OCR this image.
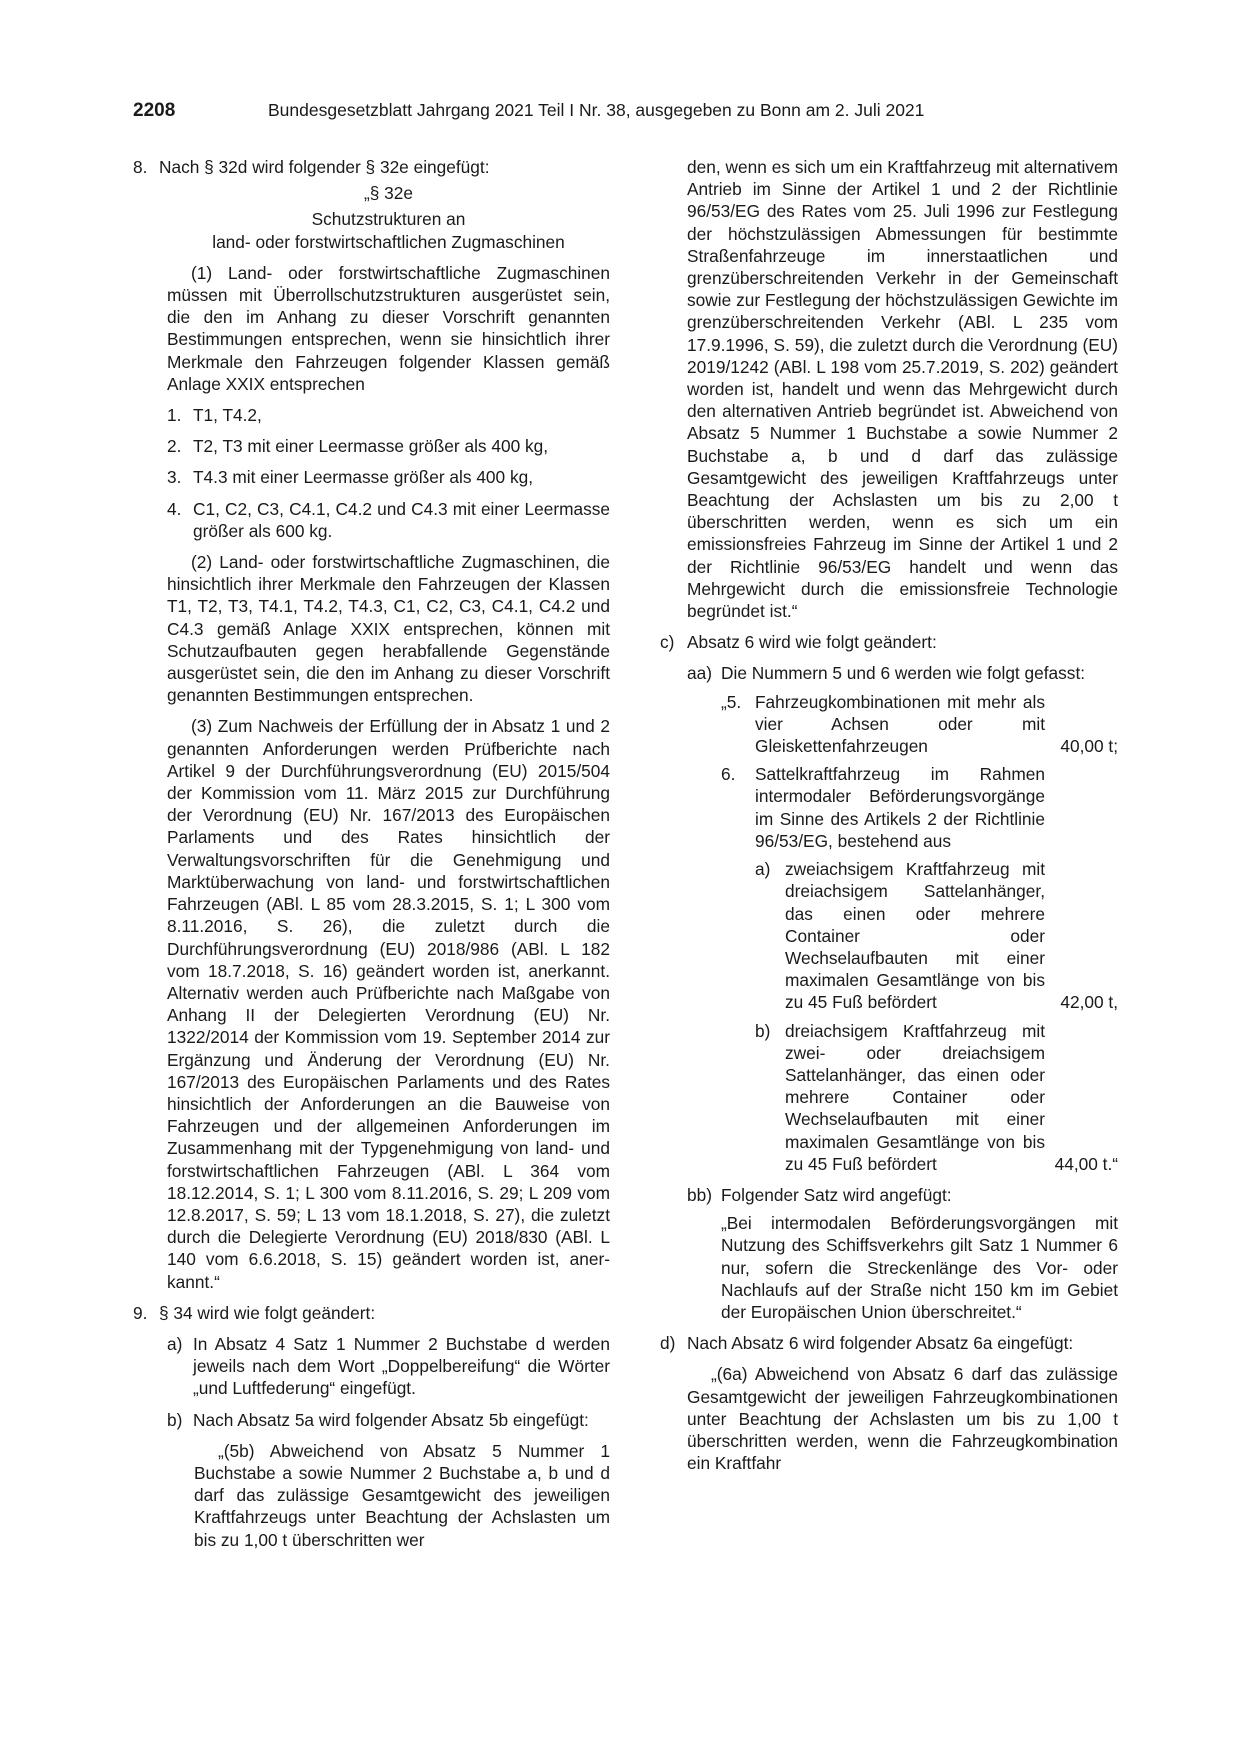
2208	Bundesgesetzblatt Jahrgang 2021 Teil I Nr. 38, ausgegeben zu Bonn am 2. Juli 2021
8. Nach § 32d wird folgender § 32e eingefügt:

„§ 32e

Schutzstrukturen an

land- oder forstwirtschaftlichen Zugmaschinen

(1) Land- oder forstwirtschaftliche Zugmaschinen müssen mit Überrollschutzstrukturen ausgerüstet sein, die den im Anhang zu dieser Vorschrift genannten Bestimmungen entsprechen, wenn sie hinsichtlich ihrer Merkmale den Fahrzeugen folgender Klassen gemäß Anlage XXIX entsprechen

1. T1, T4.2,
2. T2, T3 mit einer Leermasse größer als 400 kg,
3. T4.3 mit einer Leermasse größer als 400 kg,
4. C1, C2, C3, C4.1, C4.2 und C4.3 mit einer Leermasse größer als 600 kg.

(2) Land- oder forstwirtschaftliche Zugmaschinen, die hinsichtlich ihrer Merkmale den Fahrzeugen der Klassen T1, T2, T3, T4.1, T4.2, T4.3, C1, C2, C3, C4.1, C4.2 und C4.3 gemäß Anlage XXIX entsprechen, können mit Schutzaufbauten gegen herabfallende Gegenstände ausgerüstet sein, die den im Anhang zu dieser Vorschrift genannten Bestimmungen entsprechen.

(3) Zum Nachweis der Erfüllung der in Absatz 1 und 2 genannten Anforderungen werden Prüfberichte nach Artikel 9 der Durchführungsverordnung (EU) 2015/504 der Kommission vom 11. März 2015 zur Durchführung der Verordnung (EU) Nr. 167/2013 des Europäischen Parlaments und des Rates hinsichtlich der Verwaltungsvorschriften für die Genehmigung und Marktüberwachung von land- und forstwirtschaftlichen Fahrzeugen (ABl. L 85 vom 28.3.2015, S. 1; L 300 vom 8.11.2016, S. 26), die zuletzt durch die Durchführungsverordnung (EU) 2018/986 (ABl. L 182 vom 18.7.2018, S. 16) geändert worden ist, anerkannt. Alternativ werden auch Prüfberichte nach Maßgabe von Anhang II der Delegierten Verordnung (EU) Nr. 1322/2014 der Kommission vom 19. September 2014 zur Ergänzung und Änderung der Verordnung (EU) Nr. 167/2013 des Europäischen Parlaments und des Rates hinsichtlich der Anforderungen an die Bauweise von Fahrzeugen und der allgemeinen Anforderungen im Zusammenhang mit der Typgenehmigung von land- und forstwirtschaftlichen Fahrzeugen (ABl. L 364 vom 18.12.2014, S. 1; L 300 vom 8.11.2016, S. 29; L 209 vom 12.8.2017, S. 59; L 13 vom 18.1.2018, S. 27), die zuletzt durch die Delegierte Verordnung (EU) 2018/830 (ABl. L 140 vom 6.6.2018, S. 15) geändert worden ist, anerkannt.“

9. § 34 wird wie folgt geändert:
a) In Absatz 4 Satz 1 Nummer 2 Buchstabe d werden jeweils nach dem Wort „Doppelbereifung“ die Wörter „und Luftfederung“ eingefügt.
b) Nach Absatz 5a wird folgender Absatz 5b eingefügt:

„(5b) Abweichend von Absatz 5 Nummer 1 Buchstabe a sowie Nummer 2 Buchstabe a, b und d darf das zulässige Gesamtgewicht des jeweiligen Kraftfahrzeugs unter Beachtung der Achslasten um bis zu 1,00 t überschritten wer

den, wenn es sich um ein Kraftfahrzeug mit alternativem Antrieb im Sinne der Artikel 1 und 2 der Richtlinie 96/53/EG des Rates vom 25. Juli 1996 zur Festlegung der höchstzulässigen Abmessungen für bestimmte Straßenfahrzeuge im innerstaatlichen und grenzüberschreitenden Verkehr in der Gemeinschaft sowie zur Festlegung der höchstzulässigen Gewichte im grenzüberschreitenden Verkehr (ABl. L 235 vom 17.9.1996, S. 59), die zuletzt durch die Verordnung (EU) 2019/1242 (ABl. L 198 vom 25.7.2019, S. 202) geändert worden ist, handelt und wenn das Mehrgewicht durch den alternativen Antrieb begründet ist. Abweichend von Absatz 5 Nummer 1 Buchstabe a sowie Nummer 2 Buchstabe a, b und d darf das zulässige Gesamtgewicht des jeweiligen Kraftfahrzeugs unter Beachtung der Achslasten um bis zu 2,00 t überschritten werden, wenn es sich um ein emissionsfreies Fahrzeug im Sinne der Artikel 1 und 2 der Richtlinie 96/53/EG handelt und wenn das Mehrgewicht durch die emissionsfreie Technologie begründet ist.“

c) Absatz 6 wird wie folgt geändert:
aa) Die Nummern 5 und 6 werden wie folgt gefasst:
„5. Fahrzeugkombinationen mit mehr als vier Achsen oder mit Gleiskettenfahrzeugen	40,00 t;
6.	Sattelkraftfahrzeug im Rahmen intermodaler Beförderungsvorgänge im Sinne des Artikels 2 der Richtlinie 96/53/EG, bestehend aus
a) zweiachsigem Kraftfahrzeug mit dreiachsigem Sattelanhänger, das einen oder mehrere Container oder Wechselaufbauten mit einer maximalen Gesamtlänge von bis zu 45 Fuß befördert	42,00 t,
b) dreiachsigem Kraftfahrzeug mit zwei- oder dreiachsigem Sattelanhänger, das einen oder mehrere Container oder Wechselaufbauten mit einer maximalen Gesamtlänge von bis zu 45 Fuß befördert	44,00 t.“
bb) Folgender Satz wird angefügt:

„Bei intermodalen Beförderungsvorgängen mit Nutzung des Schiffsverkehrs gilt Satz 1 Nummer 6 nur, sofern die Streckenlänge des Vor- oder Nachlaufs auf der Straße nicht 150 km im Gebiet der Europäischen Union überschreitet.“

d) Nach Absatz 6 wird folgender Absatz 6a eingefügt:

„(6a) Abweichend von Absatz 6 darf das zulässige Gesamtgewicht der jeweiligen Fahrzeugkombinationen unter Beachtung der Achslasten um bis zu 1,00 t überschritten werden, wenn die Fahrzeugkombination ein Kraftfahr
